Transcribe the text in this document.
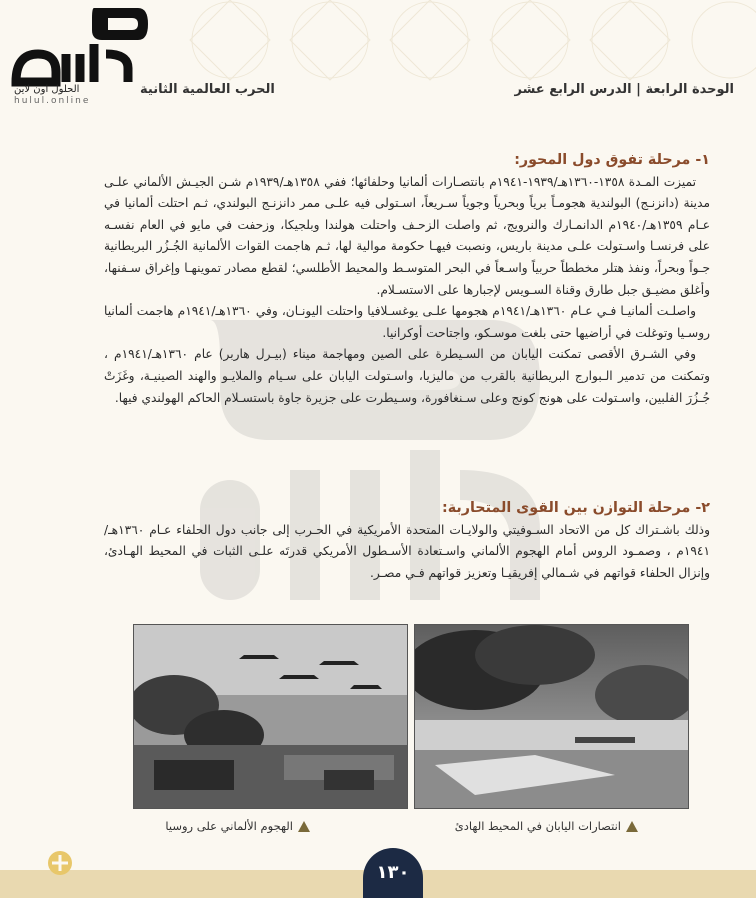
الحلول اون لاين
hulul.online
الوحدة الرابعة | الدرس الرابع عشر
الحرب العالمية الثانية
١- مرحلة تفوق دول المحور:

تميزت المـدة ١٣٥٨-١٣٦٠هـ/١٩٣٩-١٩٤١م بانتصـارات ألمانيا وحلفائها؛ ففي ١٣٥٨هـ/١٩٣٩م شـن الجيـش الألماني علـى مدينة (دانزنـج) البولندية هجومـاً برياً وبحرياً وجوياً سـريعاً، اسـتولى فيه علـى ممر دانزنـج البولندي، ثـم احتلت ألمانيا في عـام ١٣٥٩هـ/١٩٤٠م الدانمـارك والنرويج، ثم واصلت الزحـف واحتلت هولندا وبلجيكا، وزحفت في مايو في العام نفسـه على فرنسـا واسـتولت علـى مدينة باريس، ونصبت فيهـا حكومة موالية لها، ثـم هاجمت القوات الألمانية الجُـزُر البريطانية جـواً وبحراً، ونفذ هتلر مخططاً حربياً واسـعاً في البحر المتوسـط والمحيط الأطلسي؛ لقطع مصادر تموينهـا وإغراق سـفنها، وأغلق مضيـق جبل طارق وقناة السـويس لإجبارها على الاستسـلام.

واصلـت ألمانيـا فـي عـام ١٣٦٠هـ/١٩٤١م هجومها علـى يوغسـلافيا واحتلت اليونـان، وفي ١٣٦٠هـ/١٩٤١م هاجمت ألمانيا روسـيا وتوغلت في أراضيها حتى بلغت موسـكو، واجتاحت أوكرانيا.

وفي الشـرق الأقصى تمكنت اليابان من السـيطرة على الصين ومهاجمة ميناء (بيـرل هاربر) عام ١٣٦٠هـ/١٩٤١م ، وتمكنت من تدمير الـبوارج البريطانية بالقرب من ماليزيا، واسـتولت اليابان على سـيام والملايـو والهند الصينيـة، وغَزَتْ جُـزُرَ الفلبين، واسـتولت على هونج كونج وعلى سـنغافورة، وسـيطرت على جزيرة جاوة باستسـلام الحاكم الهولندي فيها.

٢- مرحلة التوازن بين القوى المتحاربة:

وذلك باشـتراك كل من الاتحاد السـوفيتي والولايـات المتحدة الأمريكية في الحـرب إلى جانب دول الحلفاء عـام ١٣٦٠هـ/١٩٤١م ، وصمـود الروس أمام الهجوم الألماني واسـتعادة الأسـطول الأمريكي قدرتَه علـى الثبات في المحيط الهـادئ، وإنزال الحلفاء قواتهم في شـمالي إفريقيـا وتعزيز قواتهم فـي مصـر.

انتصارات اليابان في المحيط الهادئ
الهجوم الألماني على روسيا
١٣٠
